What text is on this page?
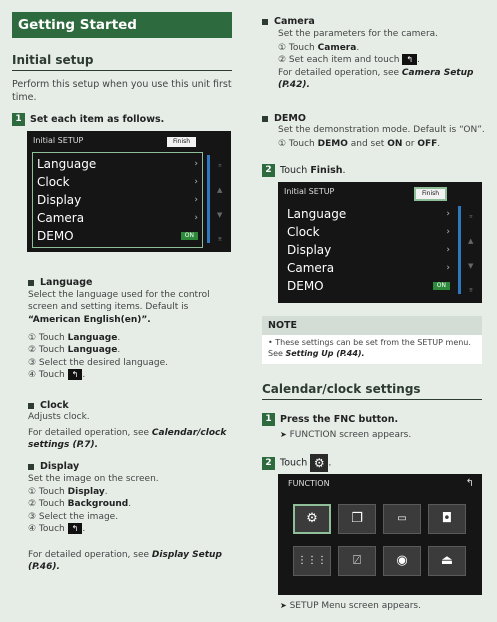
Getting Started
Initial setup
Perform this setup when you use this unit first time.
1 Set each item as follows.
Initial SETUP	Finish
Language	›
Clock	›
Display	›
Camera	›
DEMO	ON
⌅
▲
▼
⌆
Language
Select the language used for the control screen and setting items. Default is “American English(en)”.
① Touch Language.
② Touch Language.
③ Select the desired language.
④ Touch ↰ .
Clock
Adjusts clock.
For detailed operation, see Calendar/clock settings (P.7).
Display
Set the image on the screen.
① Touch Display.
② Touch Background.
③ Select the image.
④ Touch ↰ .
For detailed operation, see Display Setup (P.46).
Camera
Set the parameters for the camera.
① Touch Camera.
② Set each item and touch ↰ .
For detailed operation, see Camera Setup (P.42).
DEMO
Set the demonstration mode. Default is “ON”.
① Touch DEMO and set ON or OFF.
2 Touch Finish.
Initial SETUP	Finish
Language	›
Clock	›
Display	›
Camera	›
DEMO	ON
⌅
▲
▼
⌆
NOTE
• These settings can be set from the SETUP menu. See Setting Up (P.44).
Calendar/clock settings
1 Press the FNC button.
➤ FUNCTION screen appears.
2 Touch ⚙ .
FUNCTION	↰
⚙	❐	▭	◘
⋮⋮⋮ ⍁	◉	⏏
➤ SETUP Menu screen appears.
